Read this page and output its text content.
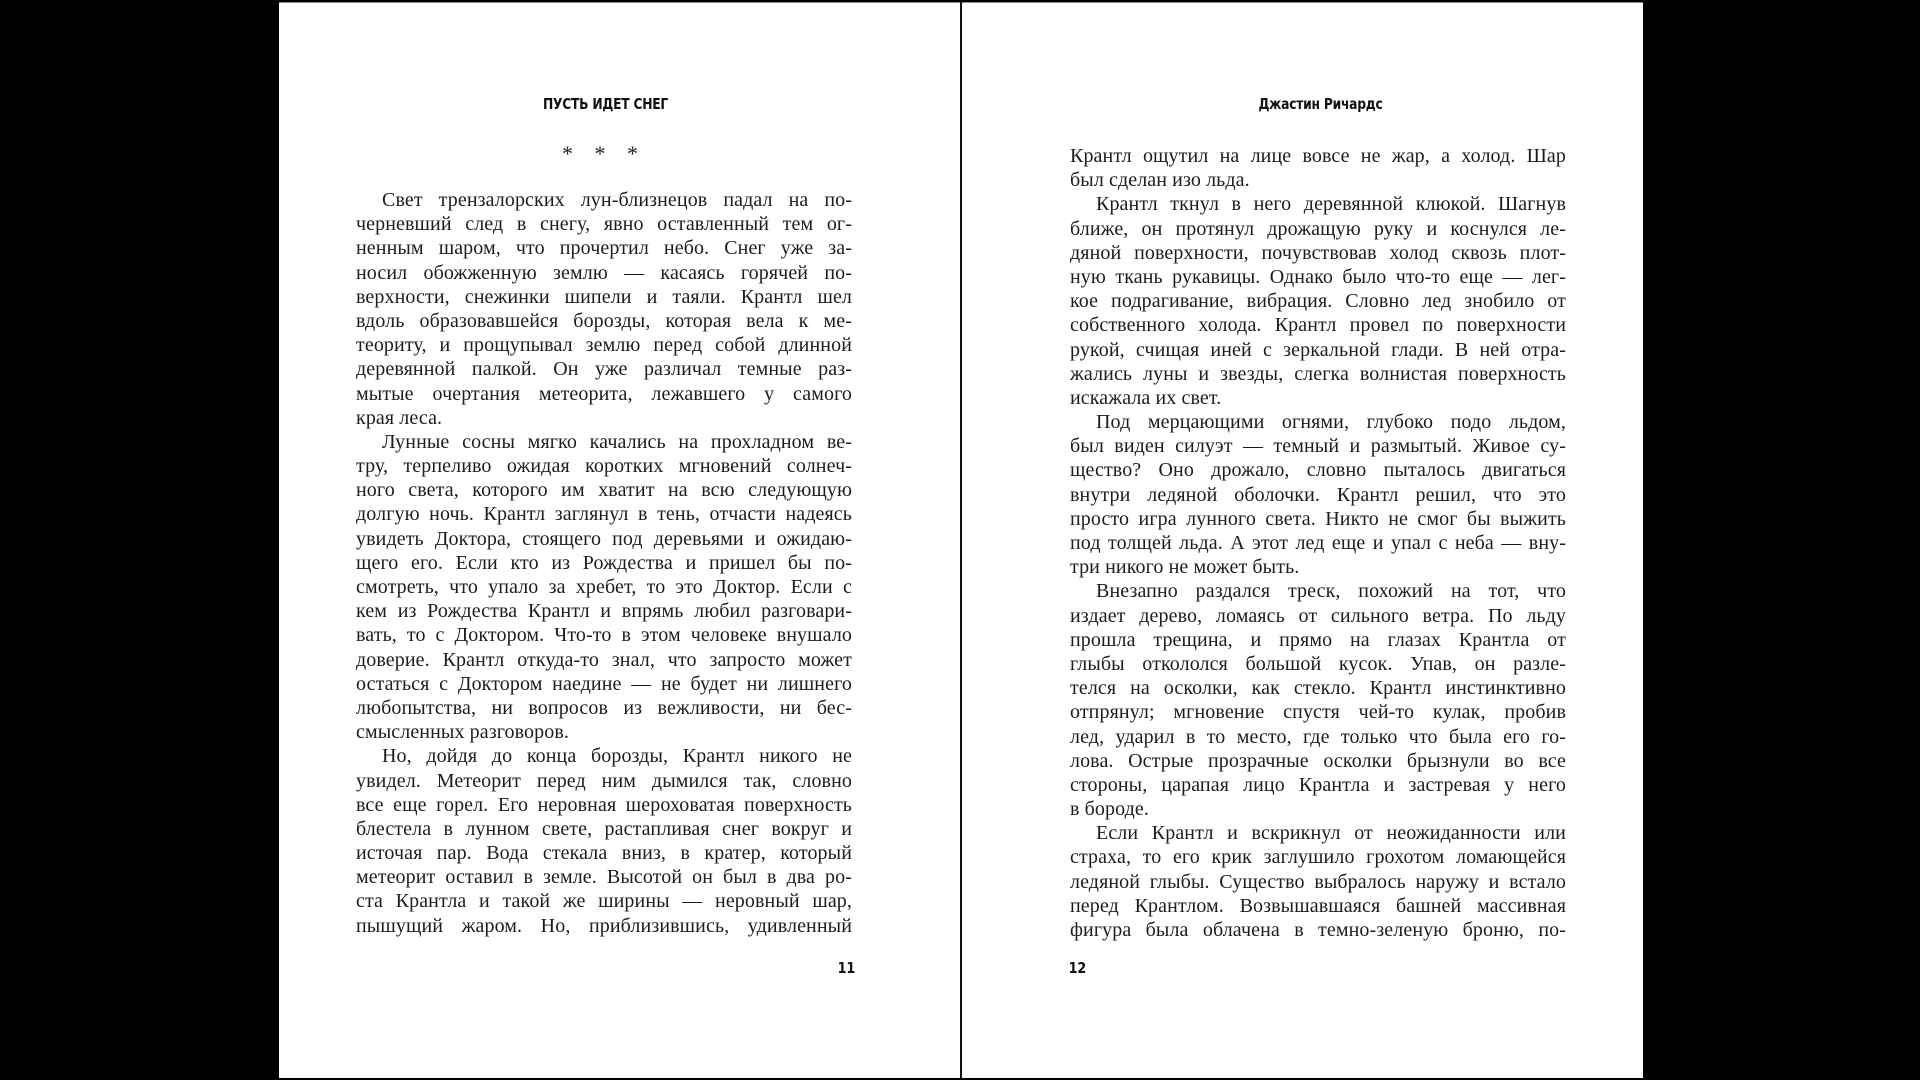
ПУСТЬ ИДЕТ СНЕГ
* * *
Свет трензалорских лун-близнецов падал на по-
черневший след в снегу, явно оставленный тем ог-
ненным шаром, что прочертил небо. Снег уже за-
носил обожженную землю — касаясь горячей по-
верхности, снежинки шипели и таяли. Крантл шел
вдоль образовавшейся борозды, которая вела к ме-
теориту, и прощупывал землю перед собой длинной
деревянной палкой. Он уже различал темные раз-
мытые очертания метеорита, лежавшего у самого
края леса.
Лунные сосны мягко качались на прохладном ве-
тру, терпеливо ожидая коротких мгновений солнеч-
ного света, которого им хватит на всю следующую
долгую ночь. Крантл заглянул в тень, отчасти надеясь
увидеть Доктора, стоящего под деревьями и ожидаю-
щего его. Если кто из Рождества и пришел бы по-
смотреть, что упало за хребет, то это Доктор. Если с
кем из Рождества Крантл и впрямь любил разговари-
вать, то с Доктором. Что-то в этом человеке внушало
доверие. Крантл откуда-то знал, что запросто может
остаться с Доктором наедине — не будет ни лишнего
любопытства, ни вопросов из вежливости, ни бес-
смысленных разговоров.
Но, дойдя до конца борозды, Крантл никого не
увидел. Метеорит перед ним дымился так, словно
все еще горел. Его неровная шероховатая поверхность
блестела в лунном свете, растапливая снег вокруг и
источая пар. Вода стекала вниз, в кратер, который
метеорит оставил в земле. Высотой он был в два ро-
ста Крантла и такой же ширины — неровный шар,
пышущий жаром. Но, приблизившись, удивленный
11
Джастин Ричардс
Крантл ощутил на лице вовсе не жар, а холод. Шар
был сделан изо льда.
Крантл ткнул в него деревянной клюкой. Шагнув
ближе, он протянул дрожащую руку и коснулся ле-
дяной поверхности, почувствовав холод сквозь плот-
ную ткань рукавицы. Однако было что-то еще — лег-
кое подрагивание, вибрация. Словно лед знобило от
собственного холода. Крантл провел по поверхности
рукой, счищая иней с зеркальной глади. В ней отра-
жались луны и звезды, слегка волнистая поверхность
искажала их свет.
Под мерцающими огнями, глубоко подо льдом,
был виден силуэт — темный и размытый. Живое су-
щество? Оно дрожало, словно пыталось двигаться
внутри ледяной оболочки. Крантл решил, что это
просто игра лунного света. Никто не смог бы выжить
под толщей льда. А этот лед еще и упал с неба — вну-
три никого не может быть.
Внезапно раздался треск, похожий на тот, что
издает дерево, ломаясь от сильного ветра. По льду
прошла трещина, и прямо на глазах Крантла от
глыбы откололся большой кусок. Упав, он разле-
телся на осколки, как стекло. Крантл инстинктивно
отпрянул; мгновение спустя чей-то кулак, пробив
лед, ударил в то место, где только что была его го-
лова. Острые прозрачные осколки брызнули во все
стороны, царапая лицо Крантла и застревая у него
в бороде.
Если Крантл и вскрикнул от неожиданности или
страха, то его крик заглушило грохотом ломающейся
ледяной глыбы. Существо выбралось наружу и встало
перед Крантлом. Возвышавшаяся башней массивная
фигура была облачена в темно-зеленую броню, по-
12
